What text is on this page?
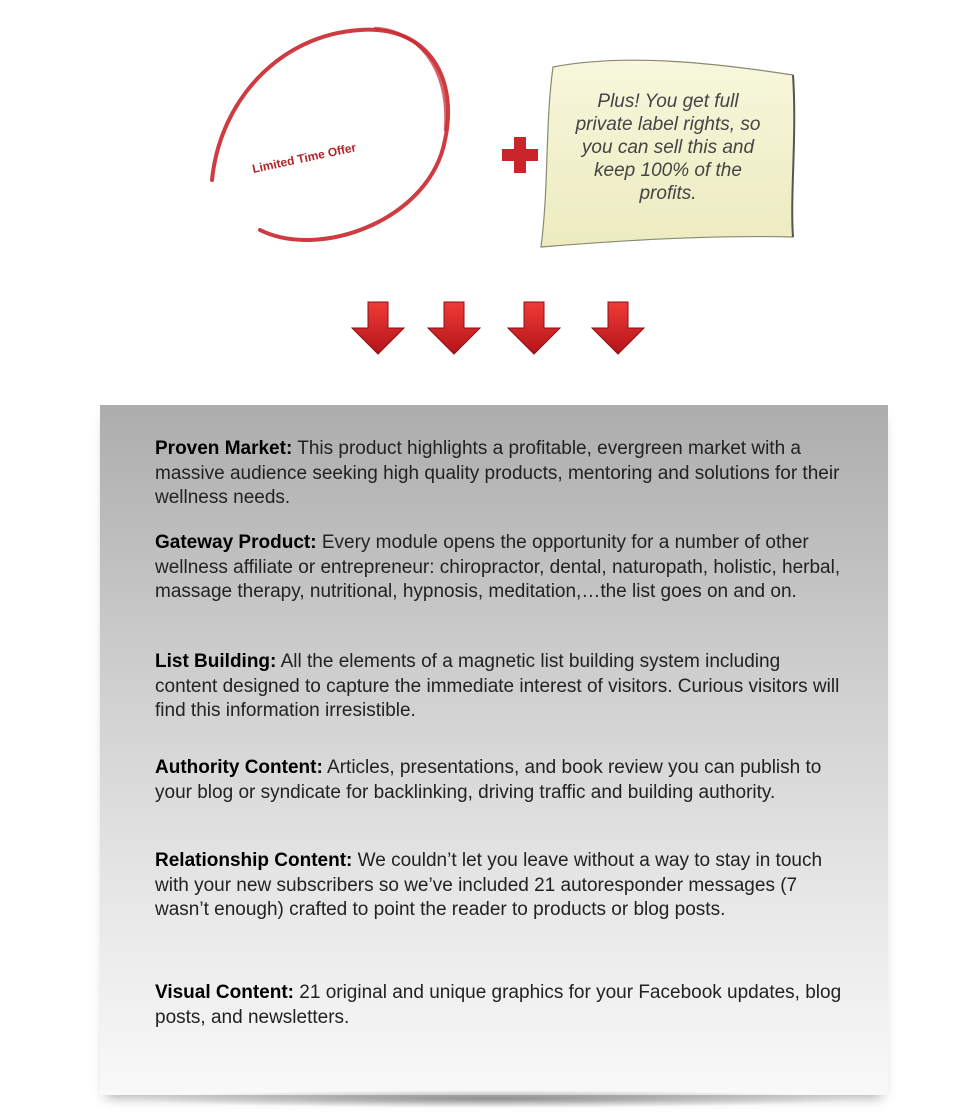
Limited Time Offer
Plus! You get full private label rights, so you can sell this and keep 100% of the profits.
Proven Market: This product highlights a profitable, evergreen market with a massive audience seeking high quality products, mentoring and solutions for their wellness needs.
Gateway Product: Every module opens the opportunity for a number of other wellness affiliate or entrepreneur: chiropractor, dental, naturopath, holistic, herbal, massage therapy, nutritional, hypnosis, meditation,…the list goes on and on.
List Building: All the elements of a magnetic list building system including content designed to capture the immediate interest of visitors. Curious visitors will find this information irresistible.
Authority Content: Articles, presentations, and book review you can publish to your blog or syndicate for backlinking, driving traffic and building authority.
Relationship Content: We couldn’t let you leave without a way to stay in touch with your new subscribers so we’ve included 21 autoresponder messages (7 wasn’t enough) crafted to point the reader to products or blog posts.
Visual Content: 21 original and unique graphics for your Facebook updates, blog posts, and newsletters.
